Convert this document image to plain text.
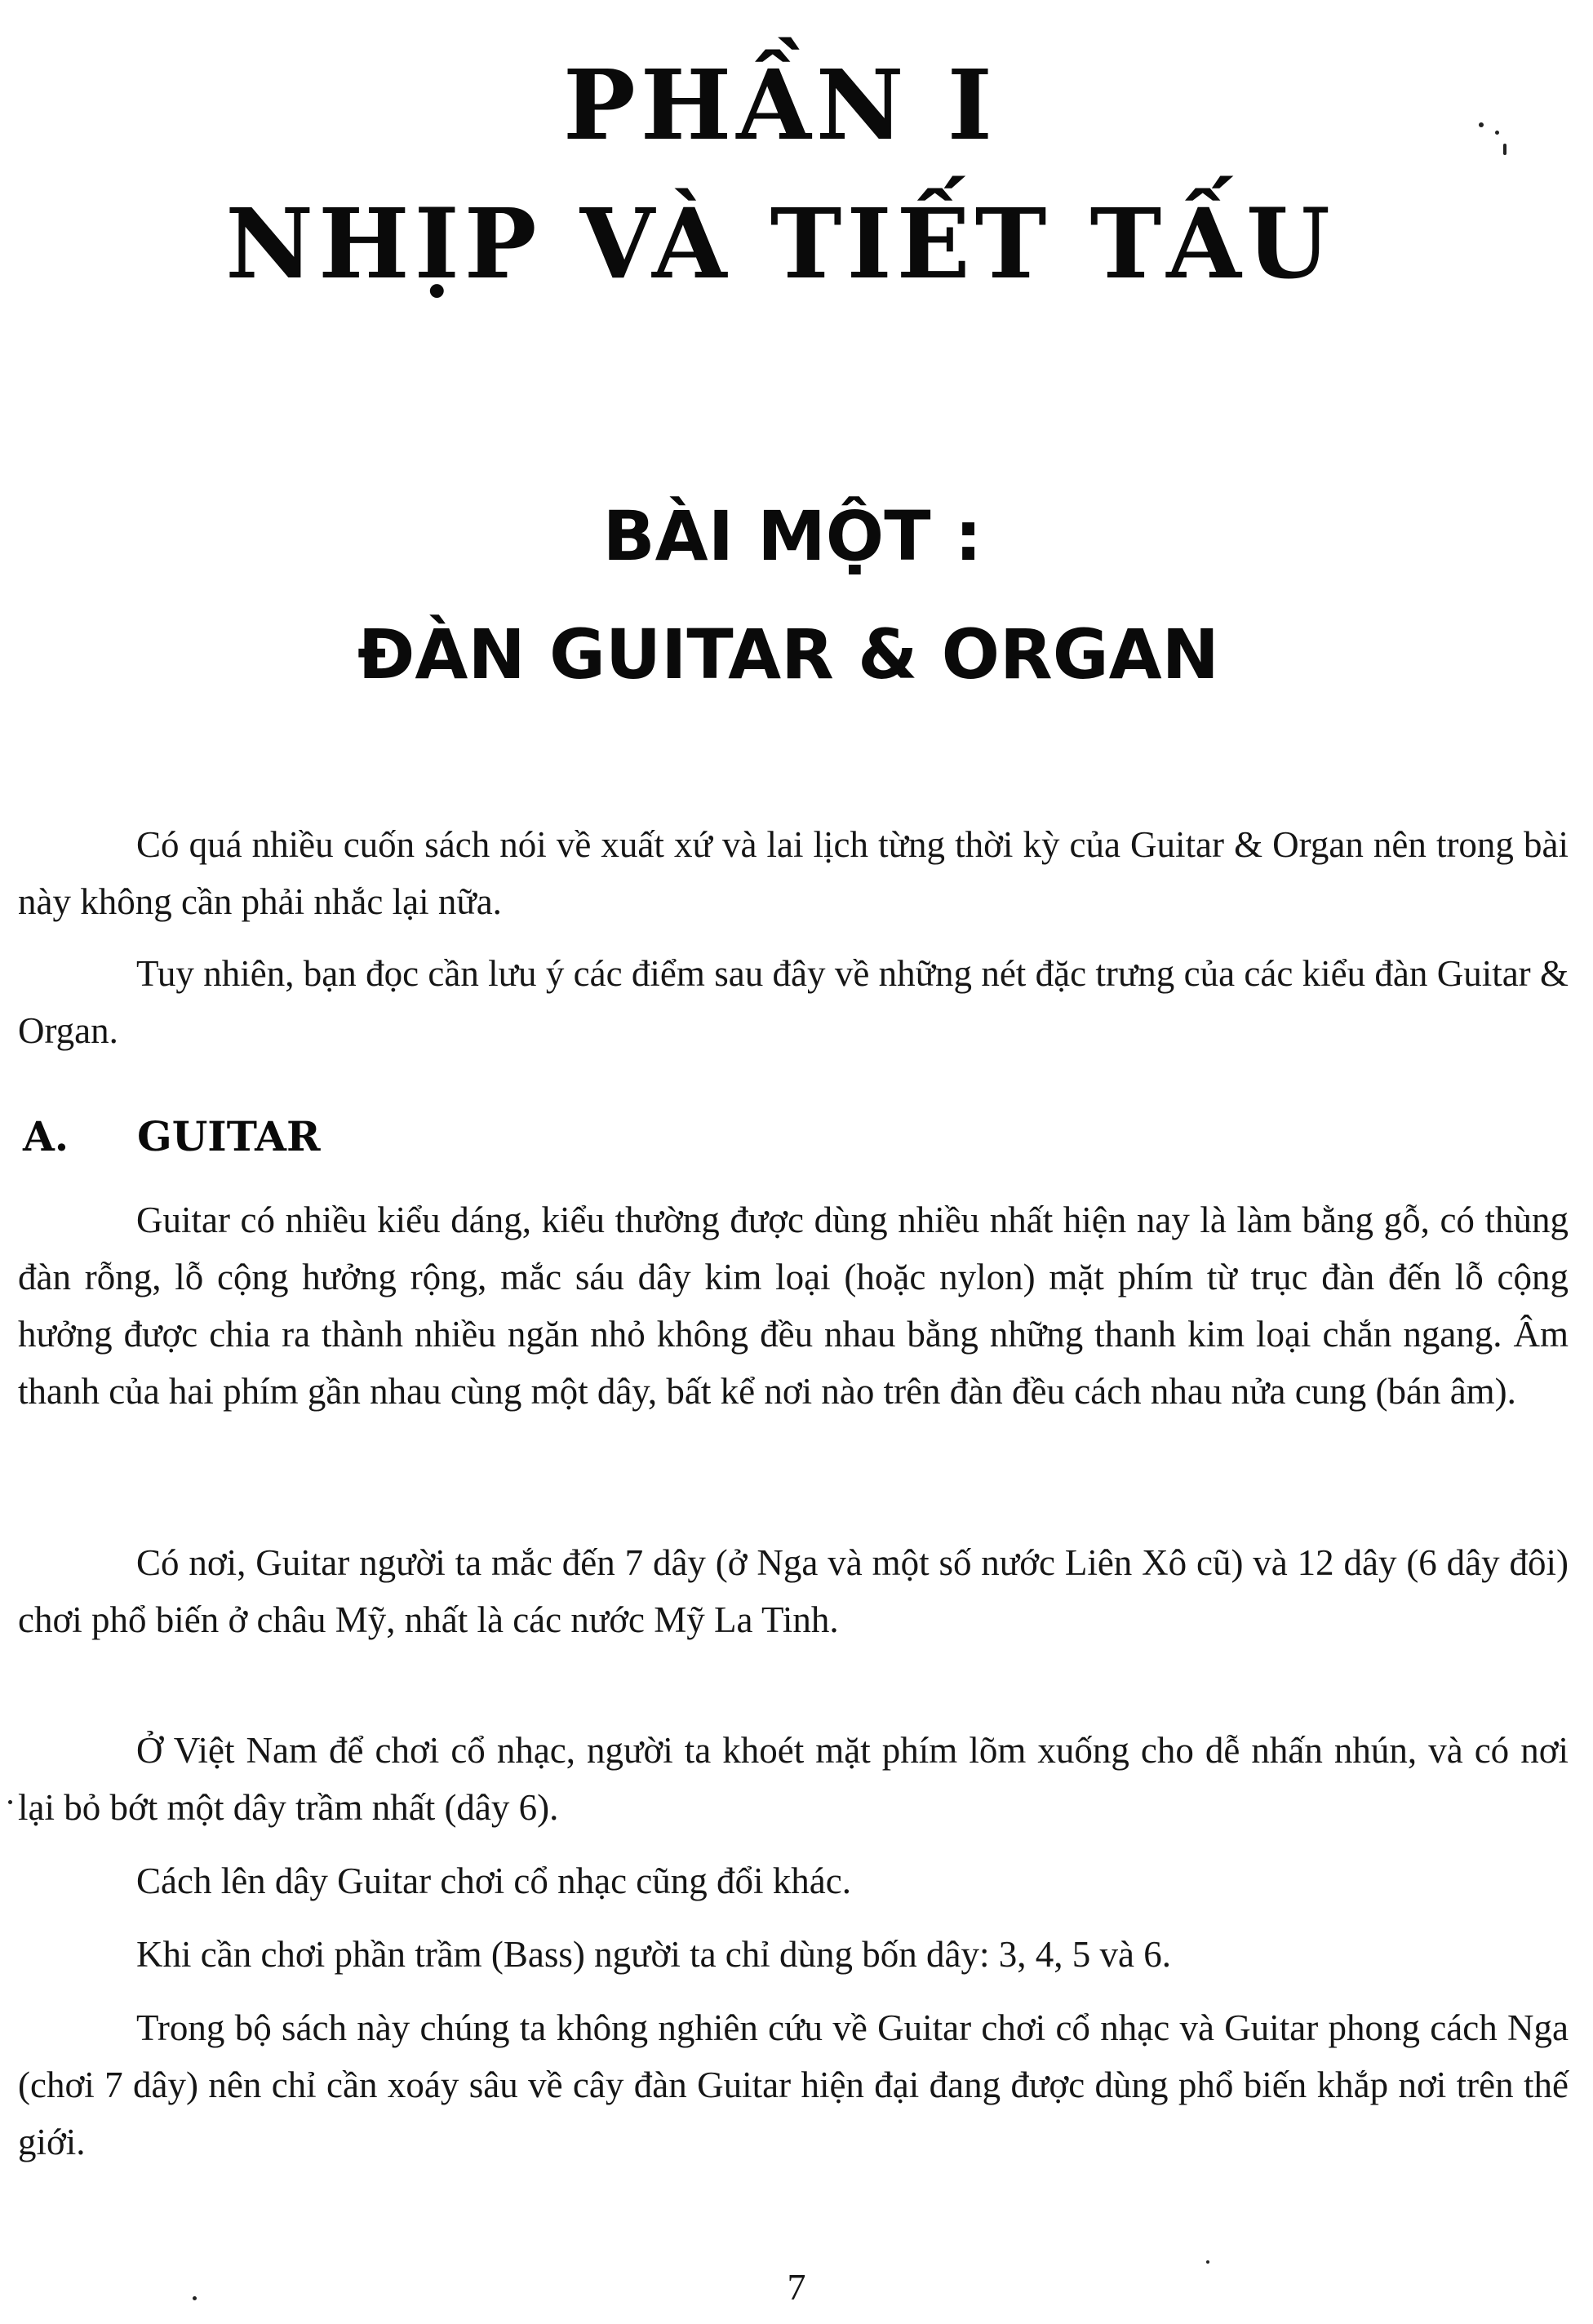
PHẦN I
NHỊP VÀ TIẾT TẤU
BÀI MỘT :
ĐÀN GUITAR & ORGAN

Có quá nhiều cuốn sách nói về xuất xứ và lai lịch từng thời kỳ của Guitar & Organ nên trong bài này không cần phải nhắc lại nữa.

Tuy nhiên, bạn đọc cần lưu ý các điểm sau đây về những nét đặc trưng của các kiểu đàn Guitar & Organ.

A. GUITAR

Guitar có nhiều kiểu dáng, kiểu thường được dùng nhiều nhất hiện nay là làm bằng gỗ, có thùng đàn rỗng, lỗ cộng hưởng rộng, mắc sáu dây kim loại (hoặc nylon) mặt phím từ trục đàn đến lỗ cộng hưởng được chia ra thành nhiều ngăn nhỏ không đều nhau bằng những thanh kim loại chắn ngang. Âm thanh của hai phím gần nhau cùng một dây, bất kể nơi nào trên đàn đều cách nhau nửa cung (bán âm).

Có nơi, Guitar người ta mắc đến 7 dây (ở Nga và một số nước Liên Xô cũ) và 12 dây (6 dây đôi) chơi phổ biến ở châu Mỹ, nhất là các nước Mỹ La Tinh.

Ở Việt Nam để chơi cổ nhạc, người ta khoét mặt phím lõm xuống cho dễ nhấn nhún, và có nơi lại bỏ bớt một dây trầm nhất (dây 6).

Cách lên dây Guitar chơi cổ nhạc cũng đổi khác.

Khi cần chơi phần trầm (Bass) người ta chỉ dùng bốn dây: 3, 4, 5 và 6.

Trong bộ sách này chúng ta không nghiên cứu về Guitar chơi cổ nhạc và Guitar phong cách Nga (chơi 7 dây) nên chỉ cần xoáy sâu về cây đàn Guitar hiện đại đang được dùng phổ biến khắp nơi trên thế giới.

7
